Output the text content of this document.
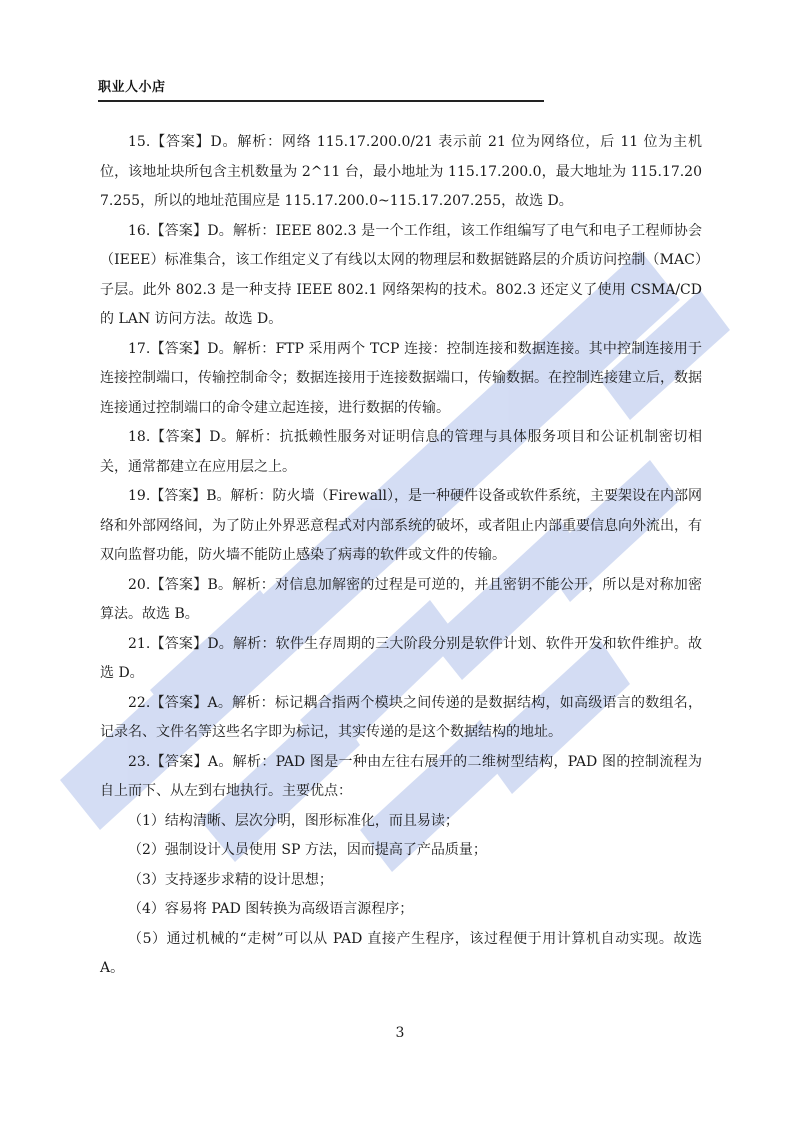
职业人小店

15.【答案】D。解析：网络 115.17.200.0/21 表示前 21 位为网络位，后 11 位为主机位，该地址块所包含主机数量为 2^11 台，最小地址为 115.17.200.0，最大地址为 115.17.207.255，所以的地址范围应是 115.17.200.0~115.17.207.255，故选 D。

16.【答案】D。解析：IEEE 802.3 是一个工作组，该工作组编写了电气和电子工程师协会（IEEE）标准集合，该工作组定义了有线以太网的物理层和数据链路层的介质访问控制（MAC）子层。此外 802.3 是一种支持 IEEE 802.1 网络架构的技术。802.3 还定义了使用 CSMA/CD 的 LAN 访问方法。故选 D。

17.【答案】D。解析：FTP 采用两个 TCP 连接：控制连接和数据连接。其中控制连接用于连接控制端口，传输控制命令；数据连接用于连接数据端口，传输数据。在控制连接建立后，数据连接通过控制端口的命令建立起连接，进行数据的传输。

18.【答案】D。解析：抗抵赖性服务对证明信息的管理与具体服务项目和公证机制密切相关，通常都建立在应用层之上。

19.【答案】B。解析：防火墙（Firewall），是一种硬件设备或软件系统，主要架设在内部网络和外部网络间，为了防止外界恶意程式对内部系统的破坏，或者阻止内部重要信息向外流出，有双向监督功能，防火墙不能防止感染了病毒的软件或文件的传输。

20.【答案】B。解析：对信息加解密的过程是可逆的，并且密钥不能公开，所以是对称加密算法。故选 B。

21.【答案】D。解析：软件生存周期的三大阶段分别是软件计划、软件开发和软件维护。故选 D。

22.【答案】A。解析：标记耦合指两个模块之间传递的是数据结构，如高级语言的数组名，记录名、文件名等这些名字即为标记，其实传递的是这个数据结构的地址。

23.【答案】A。解析：PAD 图是一种由左往右展开的二维树型结构，PAD 图的控制流程为自上而下、从左到右地执行。主要优点：

（1）结构清晰、层次分明，图形标准化，而且易读；

（2）强制设计人员使用 SP 方法，因而提高了产品质量；

（3）支持逐步求精的设计思想；

（4）容易将 PAD 图转换为高级语言源程序；

（5）通过机械的“走树”可以从 PAD 直接产生程序，该过程便于用计算机自动实现。故选 A。

3
